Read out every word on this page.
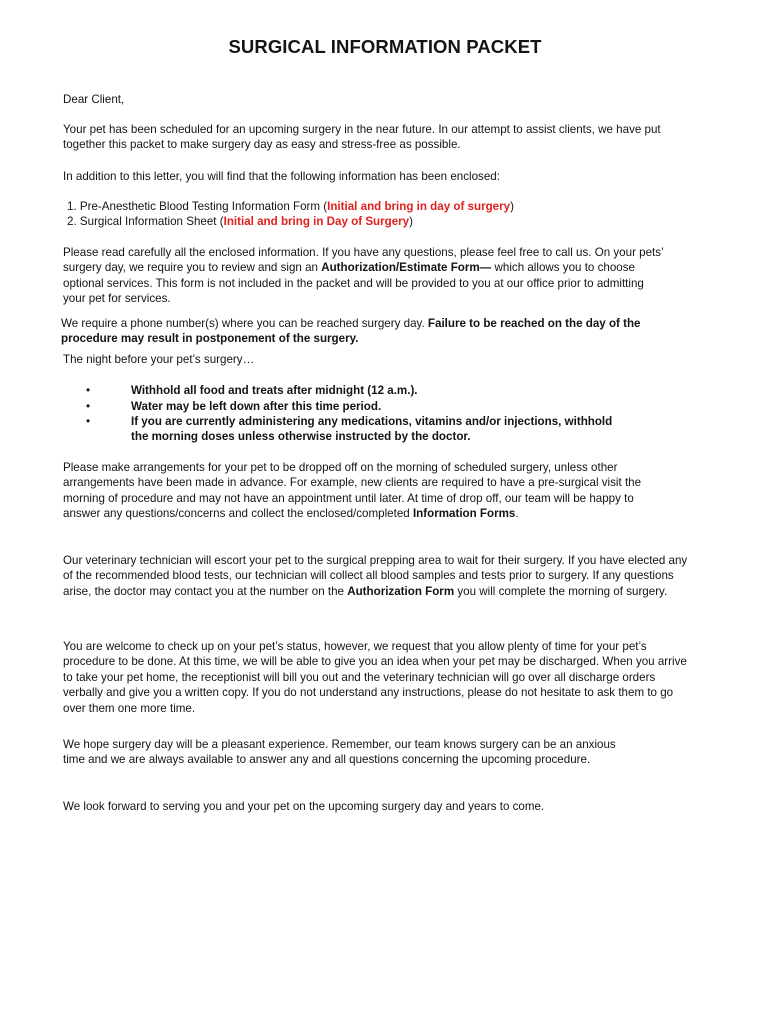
SURGICAL INFORMATION PACKET

Dear Client,

Your pet has been scheduled for an upcoming surgery in the near future. In our attempt to assist clients, we have put together this packet to make surgery day as easy and stress-free as possible.

In addition to this letter, you will find that the following information has been enclosed:

1. Pre-Anesthetic Blood Testing Information Form (Initial and bring in day of surgery)
2. Surgical Information Sheet (Initial and bring in Day of Surgery)

Please read carefully all the enclosed information. If you have any questions, please feel free to call us. On your pets’ surgery day, we require you to review and sign an Authorization/Estimate Form— which allows you to choose optional services. This form is not included in the packet and will be provided to you at our office prior to admitting your pet for services.

We require a phone number(s) where you can be reached surgery day. Failure to be reached on the day of the procedure may result in postponement of the surgery.

The night before your pet’s surgery…

•	Withhold all food and treats after midnight (12 a.m.).
•	Water may be left down after this time period.
•	If you are currently administering any medications, vitamins and/or injections, withhold the morning doses unless otherwise instructed by the doctor.

Please make arrangements for your pet to be dropped off on the morning of scheduled surgery, unless other arrangements have been made in advance. For example, new clients are required to have a pre-surgical visit the morning of procedure and may not have an appointment until later. At time of drop off, our team will be happy to answer any questions/concerns and collect the enclosed/completed Information Forms.

Our veterinary technician will escort your pet to the surgical prepping area to wait for their surgery. If you have elected any of the recommended blood tests, our technician will collect all blood samples and tests prior to surgery. If any questions arise, the doctor may contact you at the number on the Authorization Form you will complete the morning of surgery.

You are welcome to check up on your pet’s status, however, we request that you allow plenty of time for your pet’s procedure to be done. At this time, we will be able to give you an idea when your pet may be discharged. When you arrive to take your pet home, the receptionist will bill you out and the veterinary technician will go over all discharge orders verbally and give you a written copy. If you do not understand any instructions, please do not hesitate to ask them to go over them one more time.

We hope surgery day will be a pleasant experience. Remember, our team knows surgery can be an anxious time and we are always available to answer any and all questions concerning the upcoming procedure.

We look forward to serving you and your pet on the upcoming surgery day and years to come.
